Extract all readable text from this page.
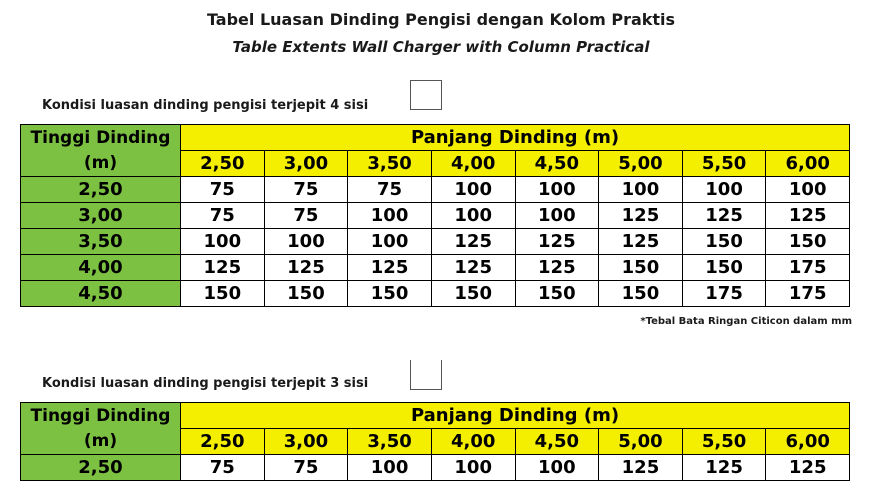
Tabel Luasan Dinding Pengisi dengan Kolom Praktis
Table Extents Wall Charger with Column Practical
Kondisi luasan dinding pengisi terjepit 4 sisi
Tinggi Dinding	Panjang Dinding (m)							
(m)	2,50	3,00	3,50	4,00	4,50	5,00	5,50	6,00
2,50	75	75	75	100	100	100	100	100
3,00	75	75	100	100	100	125	125	125
3,50	100	100	100	125	125	125	150	150
4,00	125	125	125	125	125	150	150	175
4,50	150	150	150	150	150	150	175	175
*Tebal Bata Ringan Citicon dalam mm
Kondisi luasan dinding pengisi terjepit 3 sisi
Tinggi Dinding	Panjang Dinding (m)							
(m)	2,50	3,00	3,50	4,00	4,50	5,00	5,50	6,00
2,50	75	75	100	100	100	125	125	125
